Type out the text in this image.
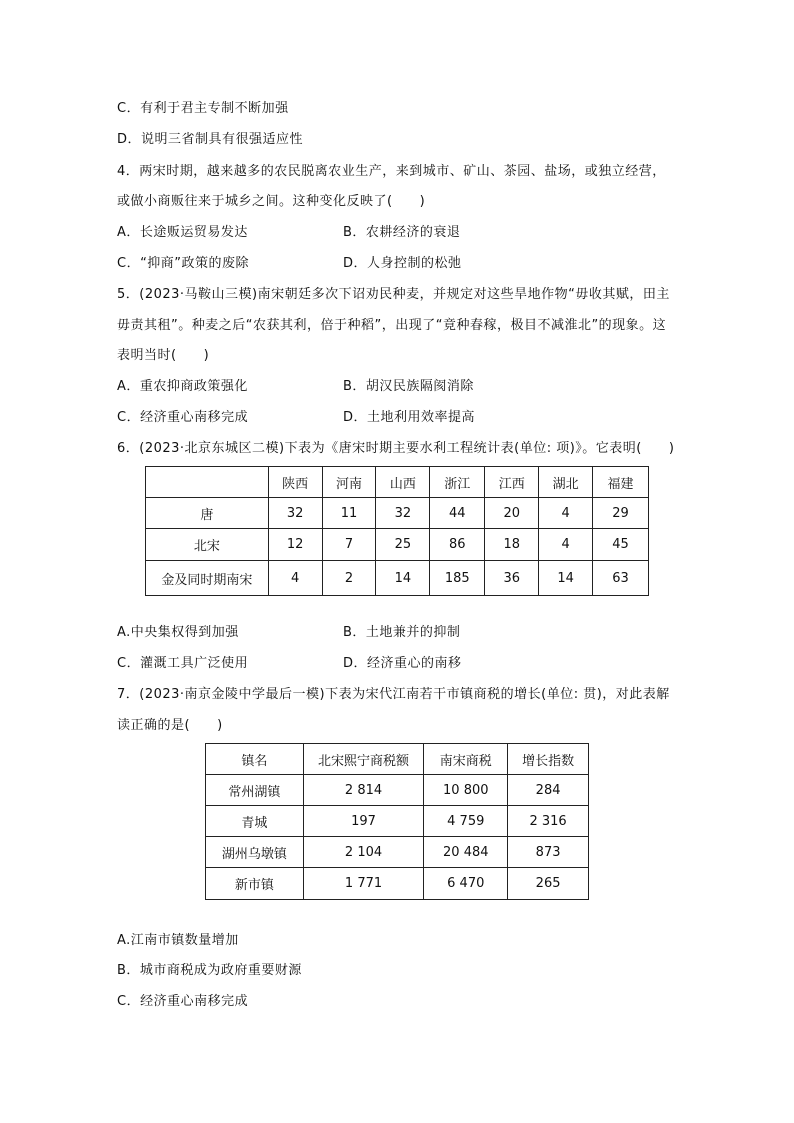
C．有利于君主专制不断加强
D．说明三省制具有很强适应性
4．两宋时期，越来越多的农民脱离农业生产，来到城市、矿山、茶园、盐场，或独立经营，
或做小商贩往来于城乡之间。这种变化反映了(　　)
A．长途贩运贸易发达	B．农耕经济的衰退
C．“抑商”政策的废除	D．人身控制的松弛
5．(2023·马鞍山三模)南宋朝廷多次下诏劝民种麦，并规定对这些旱地作物“毋收其赋，田主
毋责其租”。种麦之后“农获其利，倍于种稻”，出现了“竟种春稼，极目不减淮北”的现象。这
表明当时(　　)
A．重农抑商政策强化	B．胡汉民族隔阂消除
C．经济重心南移完成	D．土地利用效率提高
6．(2023·北京东城区二模)下表为《唐宋时期主要水利工程统计表(单位: 项)》。它表明(　　)
	陕西	河南	山西	浙江	江西	湖北	福建
唐	32	11	32	44	20	4	29
北宋	12	7	25	86	18	4	45
金及同时期南宋	4	2	14	185	36	14	63
A.中央集权得到加强	B．土地兼并的抑制
C．灌溉工具广泛使用	D．经济重心的南移
7．(2023·南京金陵中学最后一模)下表为宋代江南若干市镇商税的增长(单位: 贯)，对此表解
读正确的是(　　)
镇名	北宋熙宁商税额	南宋商税	增长指数
常州湖镇	2 814	10 800	284
青城	197	4 759	2 316
湖州乌墩镇	2 104	20 484	873
新市镇	1 771	6 470	265
A.江南市镇数量增加
B．城市商税成为政府重要财源
C．经济重心南移完成
